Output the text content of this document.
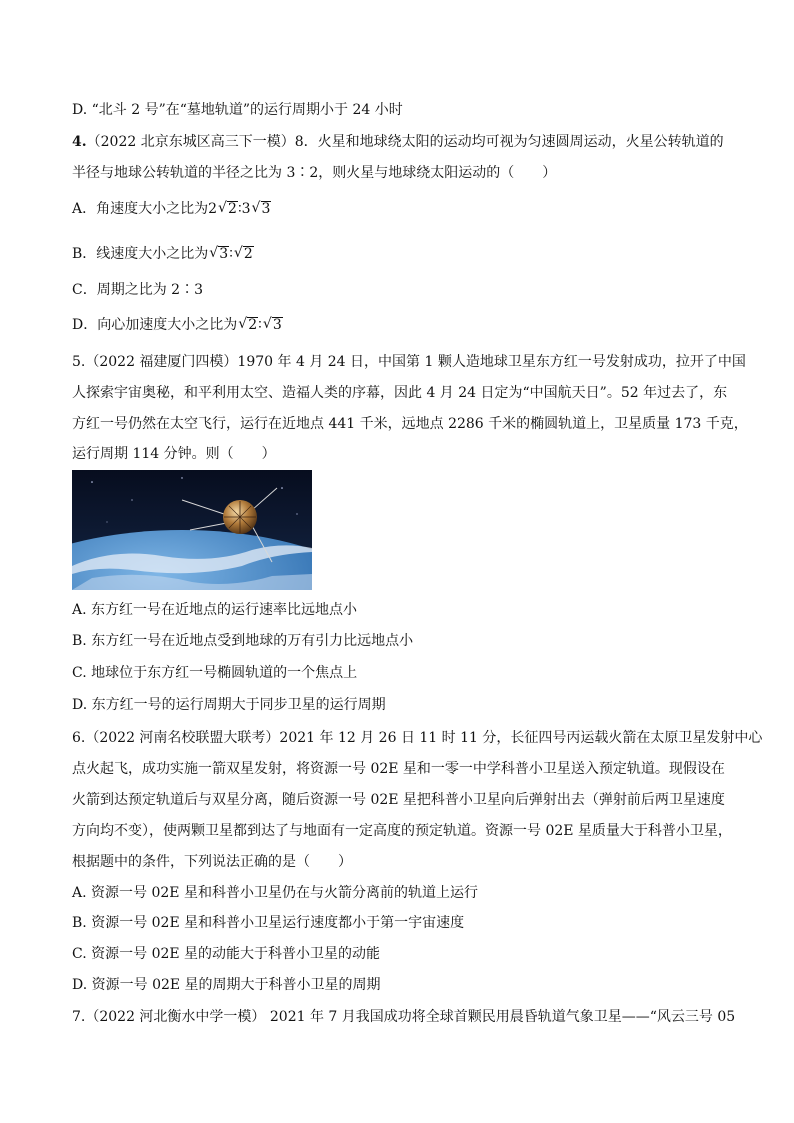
D. “北斗 2 号”在“墓地轨道”的运行周期小于 24 小时
4.（2022 北京东城区高三下一模）8．火星和地球绕太阳的运动均可视为匀速圆周运动，火星公转轨道的
半径与地球公转轨道的半径之比为 3∶2，则火星与地球绕太阳运动的（　　）
A．角速度大小之比为2 √ 2∶3 √ 3
B．线速度大小之比为 √ 3∶ √ 2
C．周期之比为 2∶3
D．向心加速度大小之比为 √ 2∶ √ 3
5.（2022 福建厦门四模）1970 年 4 月 24 日，中国第 1 颗人造地球卫星东方红一号发射成功，拉开了中国
人探索宇宙奥秘，和平利用太空、造福人类的序幕，因此 4 月 24 日定为“中国航天日”。52 年过去了，东
方红一号仍然在太空飞行，运行在近地点 441 千米，远地点 2286 千米的椭圆轨道上，卫星质量 173 千克，
运行周期 114 分钟。则（　　）
A. 东方红一号在近地点的运行速率比远地点小
B. 东方红一号在近地点受到地球的万有引力比远地点小
C. 地球位于东方红一号椭圆轨道的一个焦点上
D. 东方红一号的运行周期大于同步卫星的运行周期
6.（2022 河南名校联盟大联考）2021 年 12 月 26 日 11 时 11 分，长征四号丙运载火箭在太原卫星发射中心
点火起飞，成功实施一箭双星发射，将资源一号 02E 星和一零一中学科普小卫星送入预定轨道。现假设在
火箭到达预定轨道后与双星分离，随后资源一号 02E 星把科普小卫星向后弹射出去（弹射前后两卫星速度
方向均不变），使两颗卫星都到达了与地面有一定高度的预定轨道。资源一号 02E 星质量大于科普小卫星，
根据题中的条件，下列说法正确的是（　　）
A. 资源一号 02E 星和科普小卫星仍在与火箭分离前的轨道上运行
B. 资源一号 02E 星和科普小卫星运行速度都小于第一宇宙速度
C. 资源一号 02E 星的动能大于科普小卫星的动能
D. 资源一号 02E 星的周期大于科普小卫星的周期
7.（2022 河北衡水中学一模） 2021 年 7 月我国成功将全球首颗民用晨昏轨道气象卫星——“风云三号 05
